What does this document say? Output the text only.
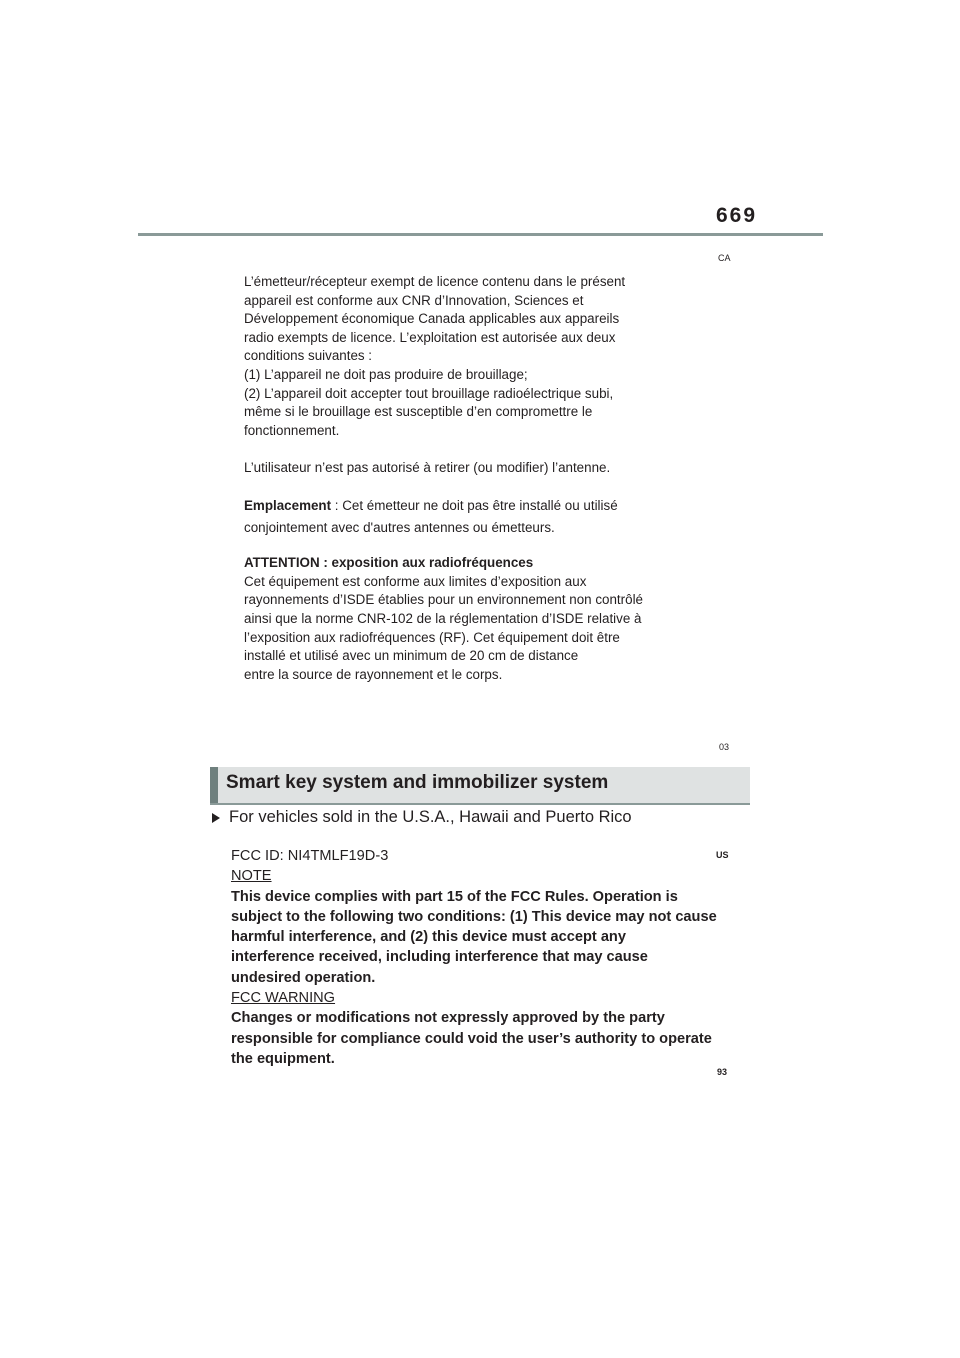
669
CA
03
US
93

L’émetteur/récepteur exempt de licence contenu dans le présent

appareil est conforme aux CNR d’Innovation, Sciences et

Développement économique Canada applicables aux appareils

radio exempts de licence. L’exploitation est autorisée aux deux

conditions suivantes :

(1) L’appareil ne doit pas produire de brouillage;

(2) L’appareil doit accepter tout brouillage radioélectrique subi,

même si le brouillage est susceptible d’en compromettre le

fonctionnement.

L’utilisateur n’est pas autorisé à retirer (ou modifier) l’antenne.

Emplacement : Cet émetteur ne doit pas être installé ou utilisé

conjointement avec d'autres antennes ou émetteurs.

ATTENTION : exposition aux radiofréquences

Cet équipement est conforme aux limites d’exposition aux

rayonnements d’ISDE établies pour un environnement non contrôlé

ainsi que la norme CNR-102 de la réglementation d’ISDE relative à

l’exposition aux radiofréquences (RF). Cet équipement doit être

installé et utilisé avec un minimum de 20 cm de distance

entre la source de rayonnement et le corps.

Smart key system and immobilizer system
For vehicles sold in the U.S.A., Hawaii and Puerto Rico

FCC ID: NI4TMLF19D-3

NOTE

This device complies with part 15 of the FCC Rules. Operation is

subject to the following two conditions: (1) This device may not cause

harmful interference, and (2) this device must accept any

interference received, including interference that may cause

undesired operation.

FCC WARNING

Changes or modifications not expressly approved by the party

responsible for compliance could void the user’s authority to operate

the equipment.
